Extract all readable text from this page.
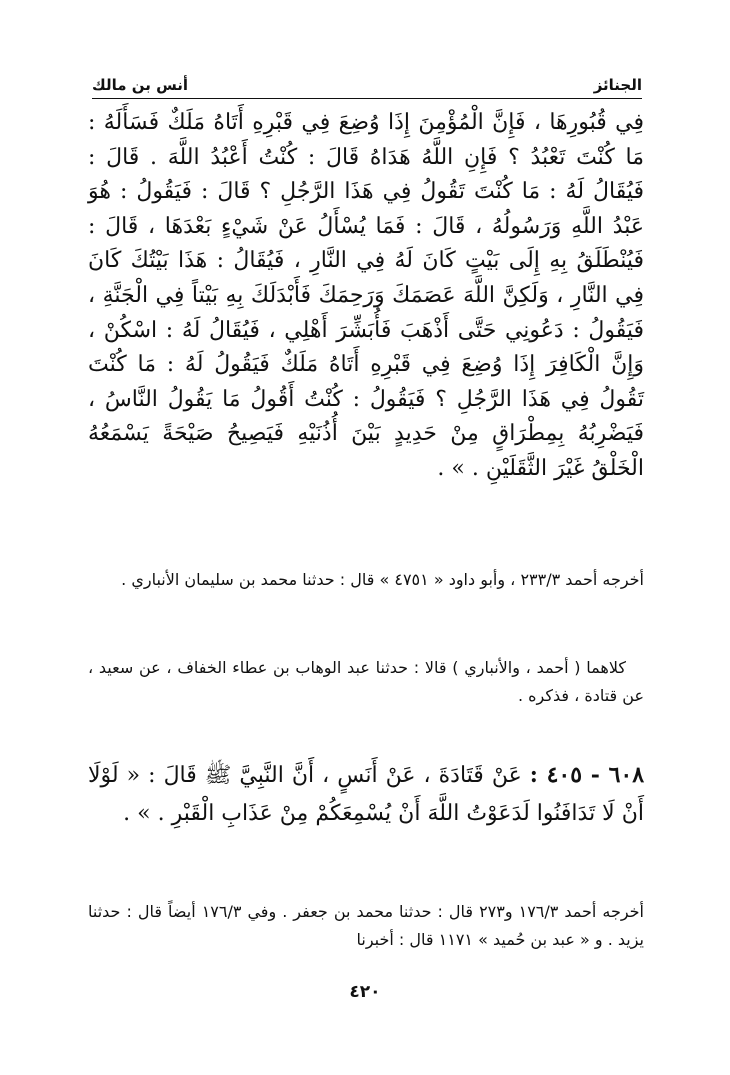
الجنائز
أنس بن مالك

فِي قُبُورِهَا ، فَإِنَّ الْمُؤْمِنَ إِذَا وُضِعَ فِي قَبْرِهِ أَتَاهُ مَلَكٌ فَسَأَلَهُ : مَا كُنْتَ تَعْبُدُ ؟ فَإِنِ اللَّهُ هَدَاهُ قَالَ : كُنْتُ أَعْبُدُ اللَّهَ . قَالَ : فَيُقَالُ لَهُ : مَا كُنْتَ تَقُولُ فِي هَذَا الرَّجُلِ ؟ قَالَ : فَيَقُولُ : هُوَ عَبْدُ اللَّهِ وَرَسُولُهُ ، قَالَ : فَمَا يُسْأَلُ عَنْ شَيْءٍ بَعْدَهَا ، قَالَ : فَيُنْطَلَقُ بِهِ إِلَى بَيْتٍ كَانَ لَهُ فِي النَّارِ ، فَيُقَالُ : هَذَا بَيْتُكَ كَانَ فِي النَّارِ ، وَلَكِنَّ اللَّهَ عَصَمَكَ وَرَحِمَكَ فَأَبْدَلَكَ بِهِ بَيْتاً فِي الْجَنَّةِ ، فَيَقُولُ : دَعُونِي حَتَّى أَذْهَبَ فَأُبَشِّرَ أَهْلِي ، فَيُقَالُ لَهُ : اسْكُنْ ، وَإِنَّ الْكَافِرَ إِذَا وُضِعَ فِي قَبْرِهِ أَتَاهُ مَلَكٌ فَيَقُولُ لَهُ : مَا كُنْتَ تَقُولُ فِي هَذَا الرَّجُلِ ؟ فَيَقُولُ : كُنْتُ أَقُولُ مَا يَقُولُ النَّاسُ ، فَيَضْرِبُهُ بِمِطْرَاقٍ مِنْ حَدِيدٍ بَيْنَ أُذُنَيْهِ فَيَصِيحُ صَيْحَةً يَسْمَعُهُ الْخَلْقُ غَيْرَ الثَّقَلَيْنِ . » .

أخرجه أحمد ٢٣٣/٣ ، وأبو داود « ٤٧٥١ » قال : حدثنا محمد بن سليمان الأنباري .
كلاهما ( أحمد ، والأنباري ) قالا : حدثنا عبد الوهاب بن عطاء الخفاف ، عن سعيد ، عن قتادة ، فذكره .
٦٠٨ - ٤٠٥ : عَنْ قَتَادَةَ ، عَنْ أَنَسٍ ، أَنَّ النَّبِيَّ ﷺ قَالَ : « لَوْلَا أَنْ لَا تَدَافَنُوا لَدَعَوْتُ اللَّهَ أَنْ يُسْمِعَكُمْ مِنْ عَذَابِ الْقَبْرِ . » .
أخرجه أحمد ١٧٦/٣ و٢٧٣ قال : حدثنا محمد بن جعفر . وفي ١٧٦/٣ أيضاً قال : حدثنا يزيد . و « عبد بن حُميد » ١١٧١ قال : أخبرنا
٤٢٠
